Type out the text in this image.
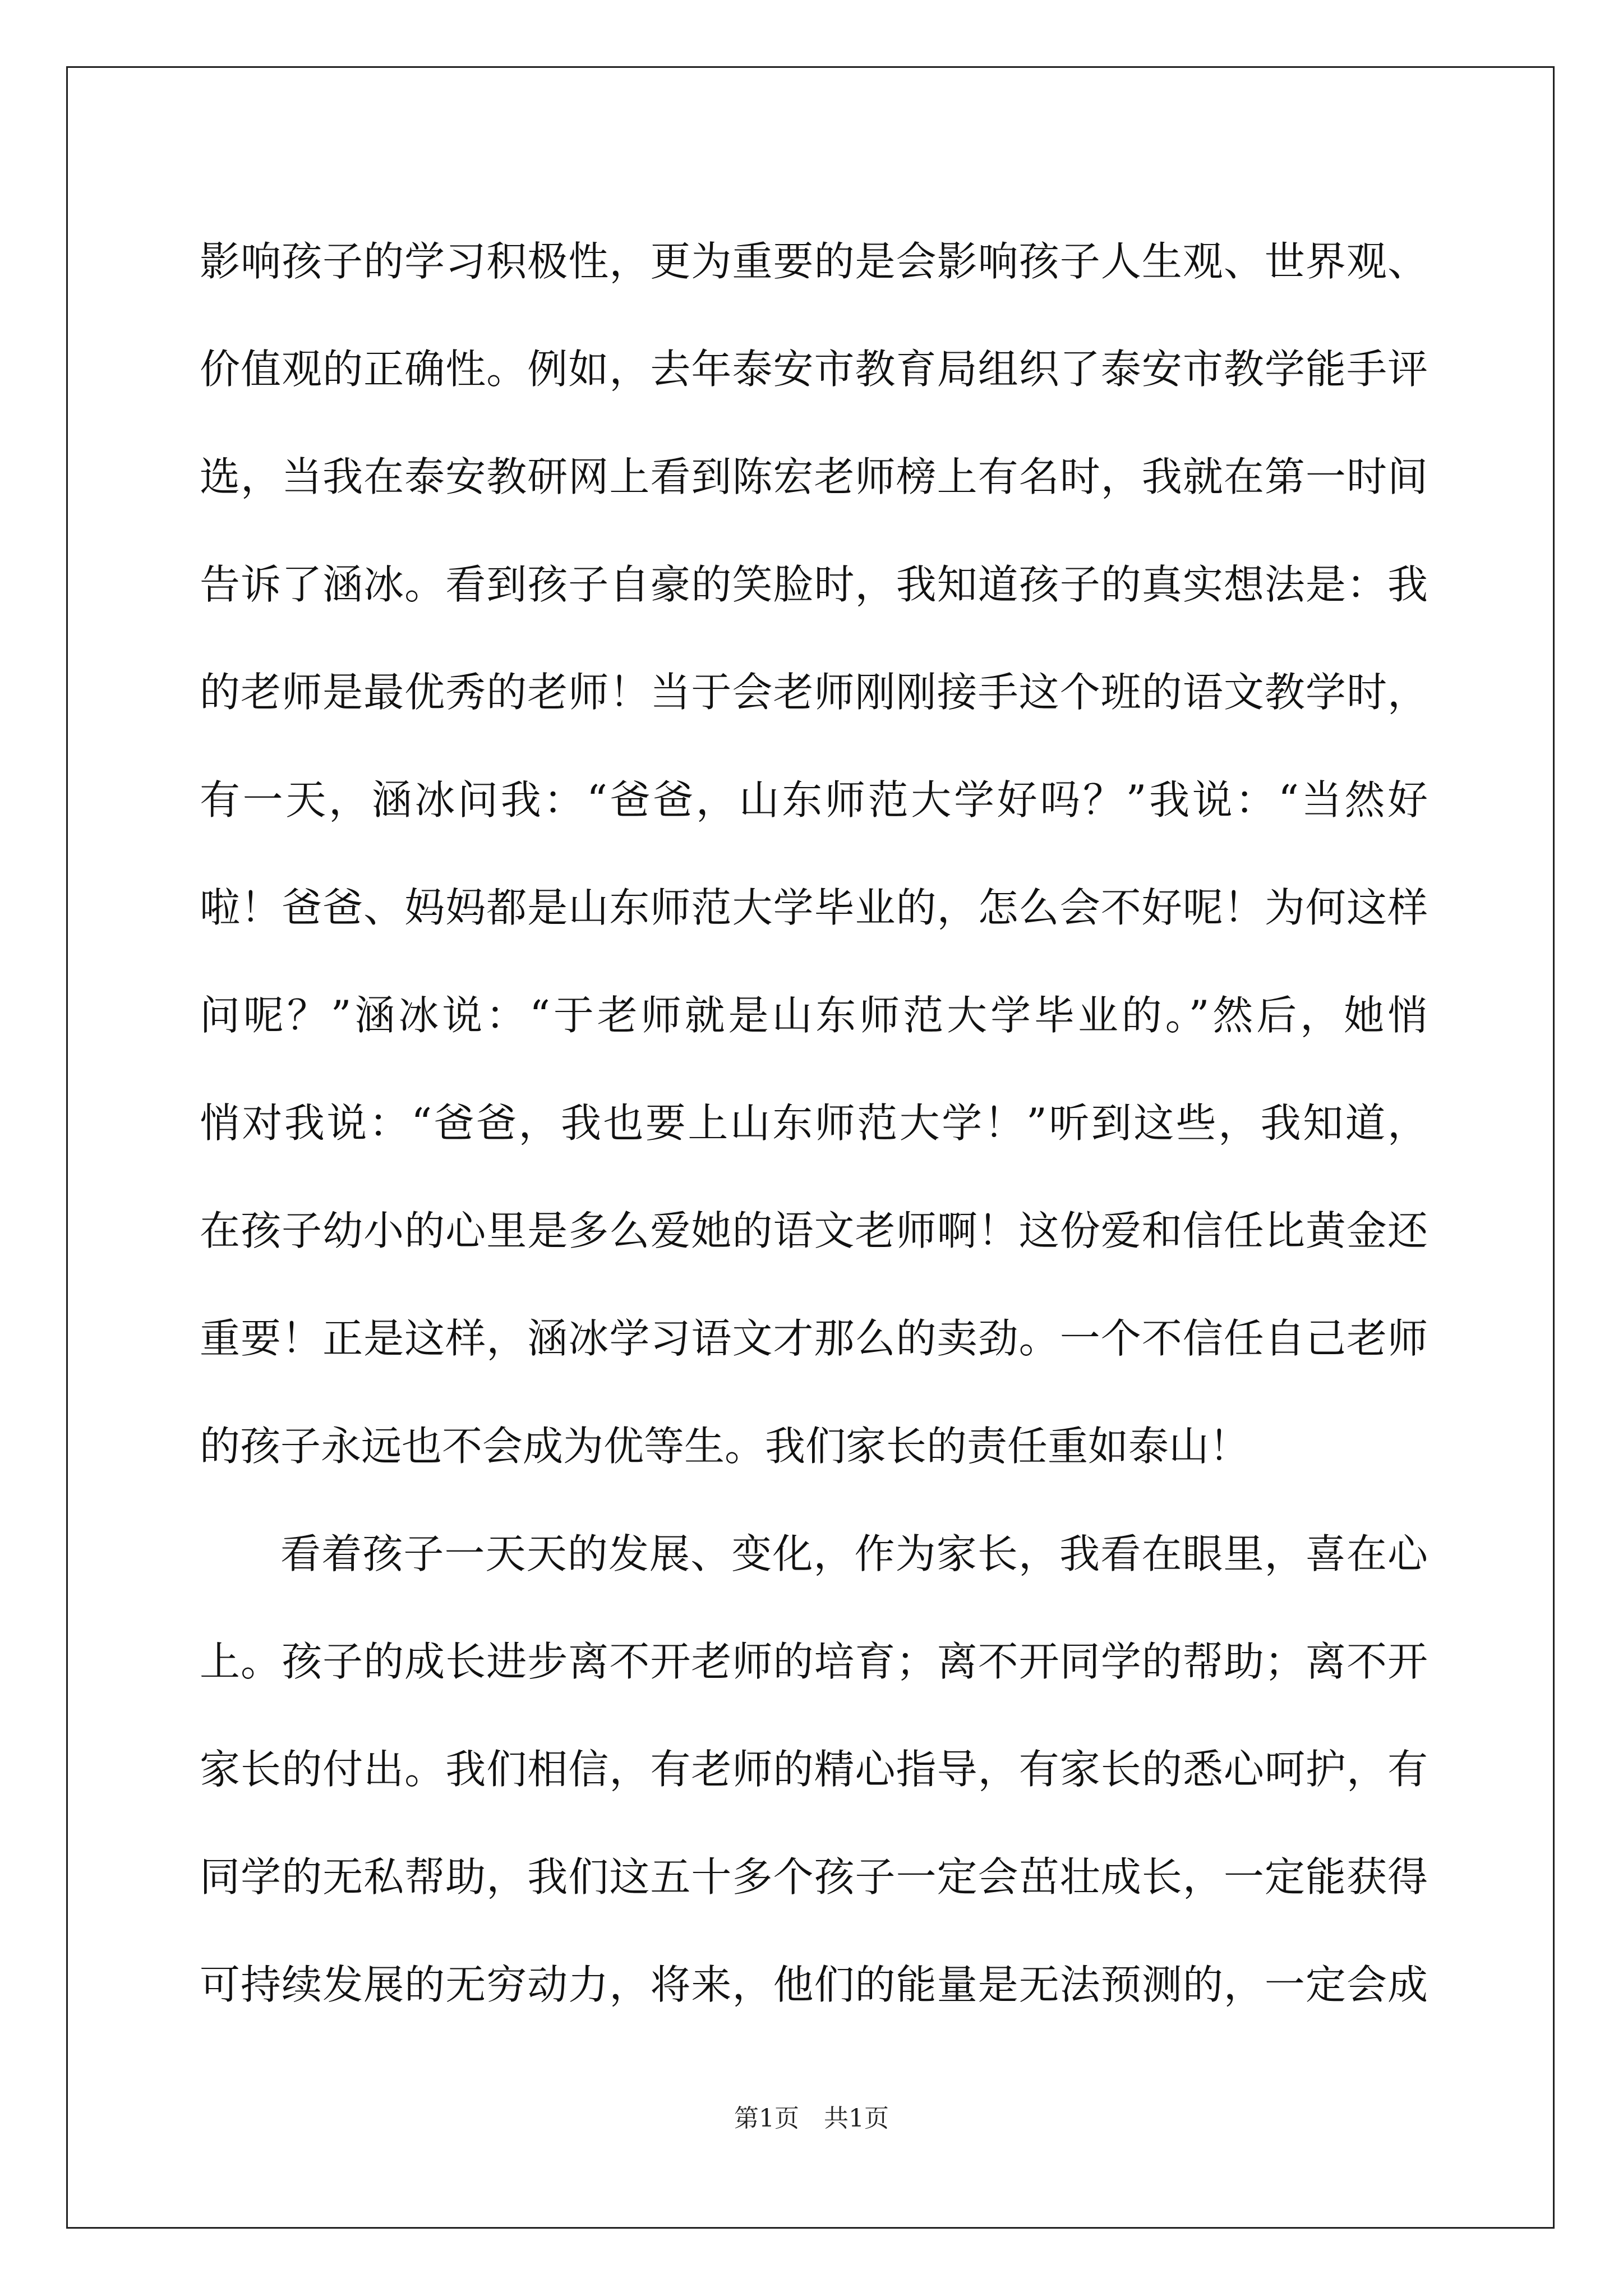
影响孩子的学习积极性，更为重要的是会影响孩子人生观、世界观、
价值观的正确性。例如，去年泰安市教育局组织了泰安市教学能手评
选，当我在泰安教研网上看到陈宏老师榜上有名时，我就在第一时间
告诉了涵冰。看到孩子自豪的笑脸时，我知道孩子的真实想法是：我
的老师是最优秀的老师！当于会老师刚刚接手这个班的语文教学时，
有一天，涵冰问我：“爸爸，山东师范大学好吗？”我说：“当然好
啦！爸爸、妈妈都是山东师范大学毕业的，怎么会不好呢！为何这样
问呢？”涵冰说：“于老师就是山东师范大学毕业的。”然后，她悄
悄对我说：“爸爸，我也要上山东师范大学！”听到这些，我知道，
在孩子幼小的心里是多么爱她的语文老师啊！这份爱和信任比黄金还
重要！正是这样，涵冰学习语文才那么的卖劲。一个不信任自己老师
的孩子永远也不会成为优等生。我们家长的责任重如泰山！
看着孩子一天天的发展、变化，作为家长，我看在眼里，喜在心
上。孩子的成长进步离不开老师的培育；离不开同学的帮助；离不开
家长的付出。我们相信，有老师的精心指导，有家长的悉心呵护，有
同学的无私帮助，我们这五十多个孩子一定会茁壮成长，一定能获得
可持续发展的无穷动力，将来，他们的能量是无法预测的，一定会成
第1页　共1页
